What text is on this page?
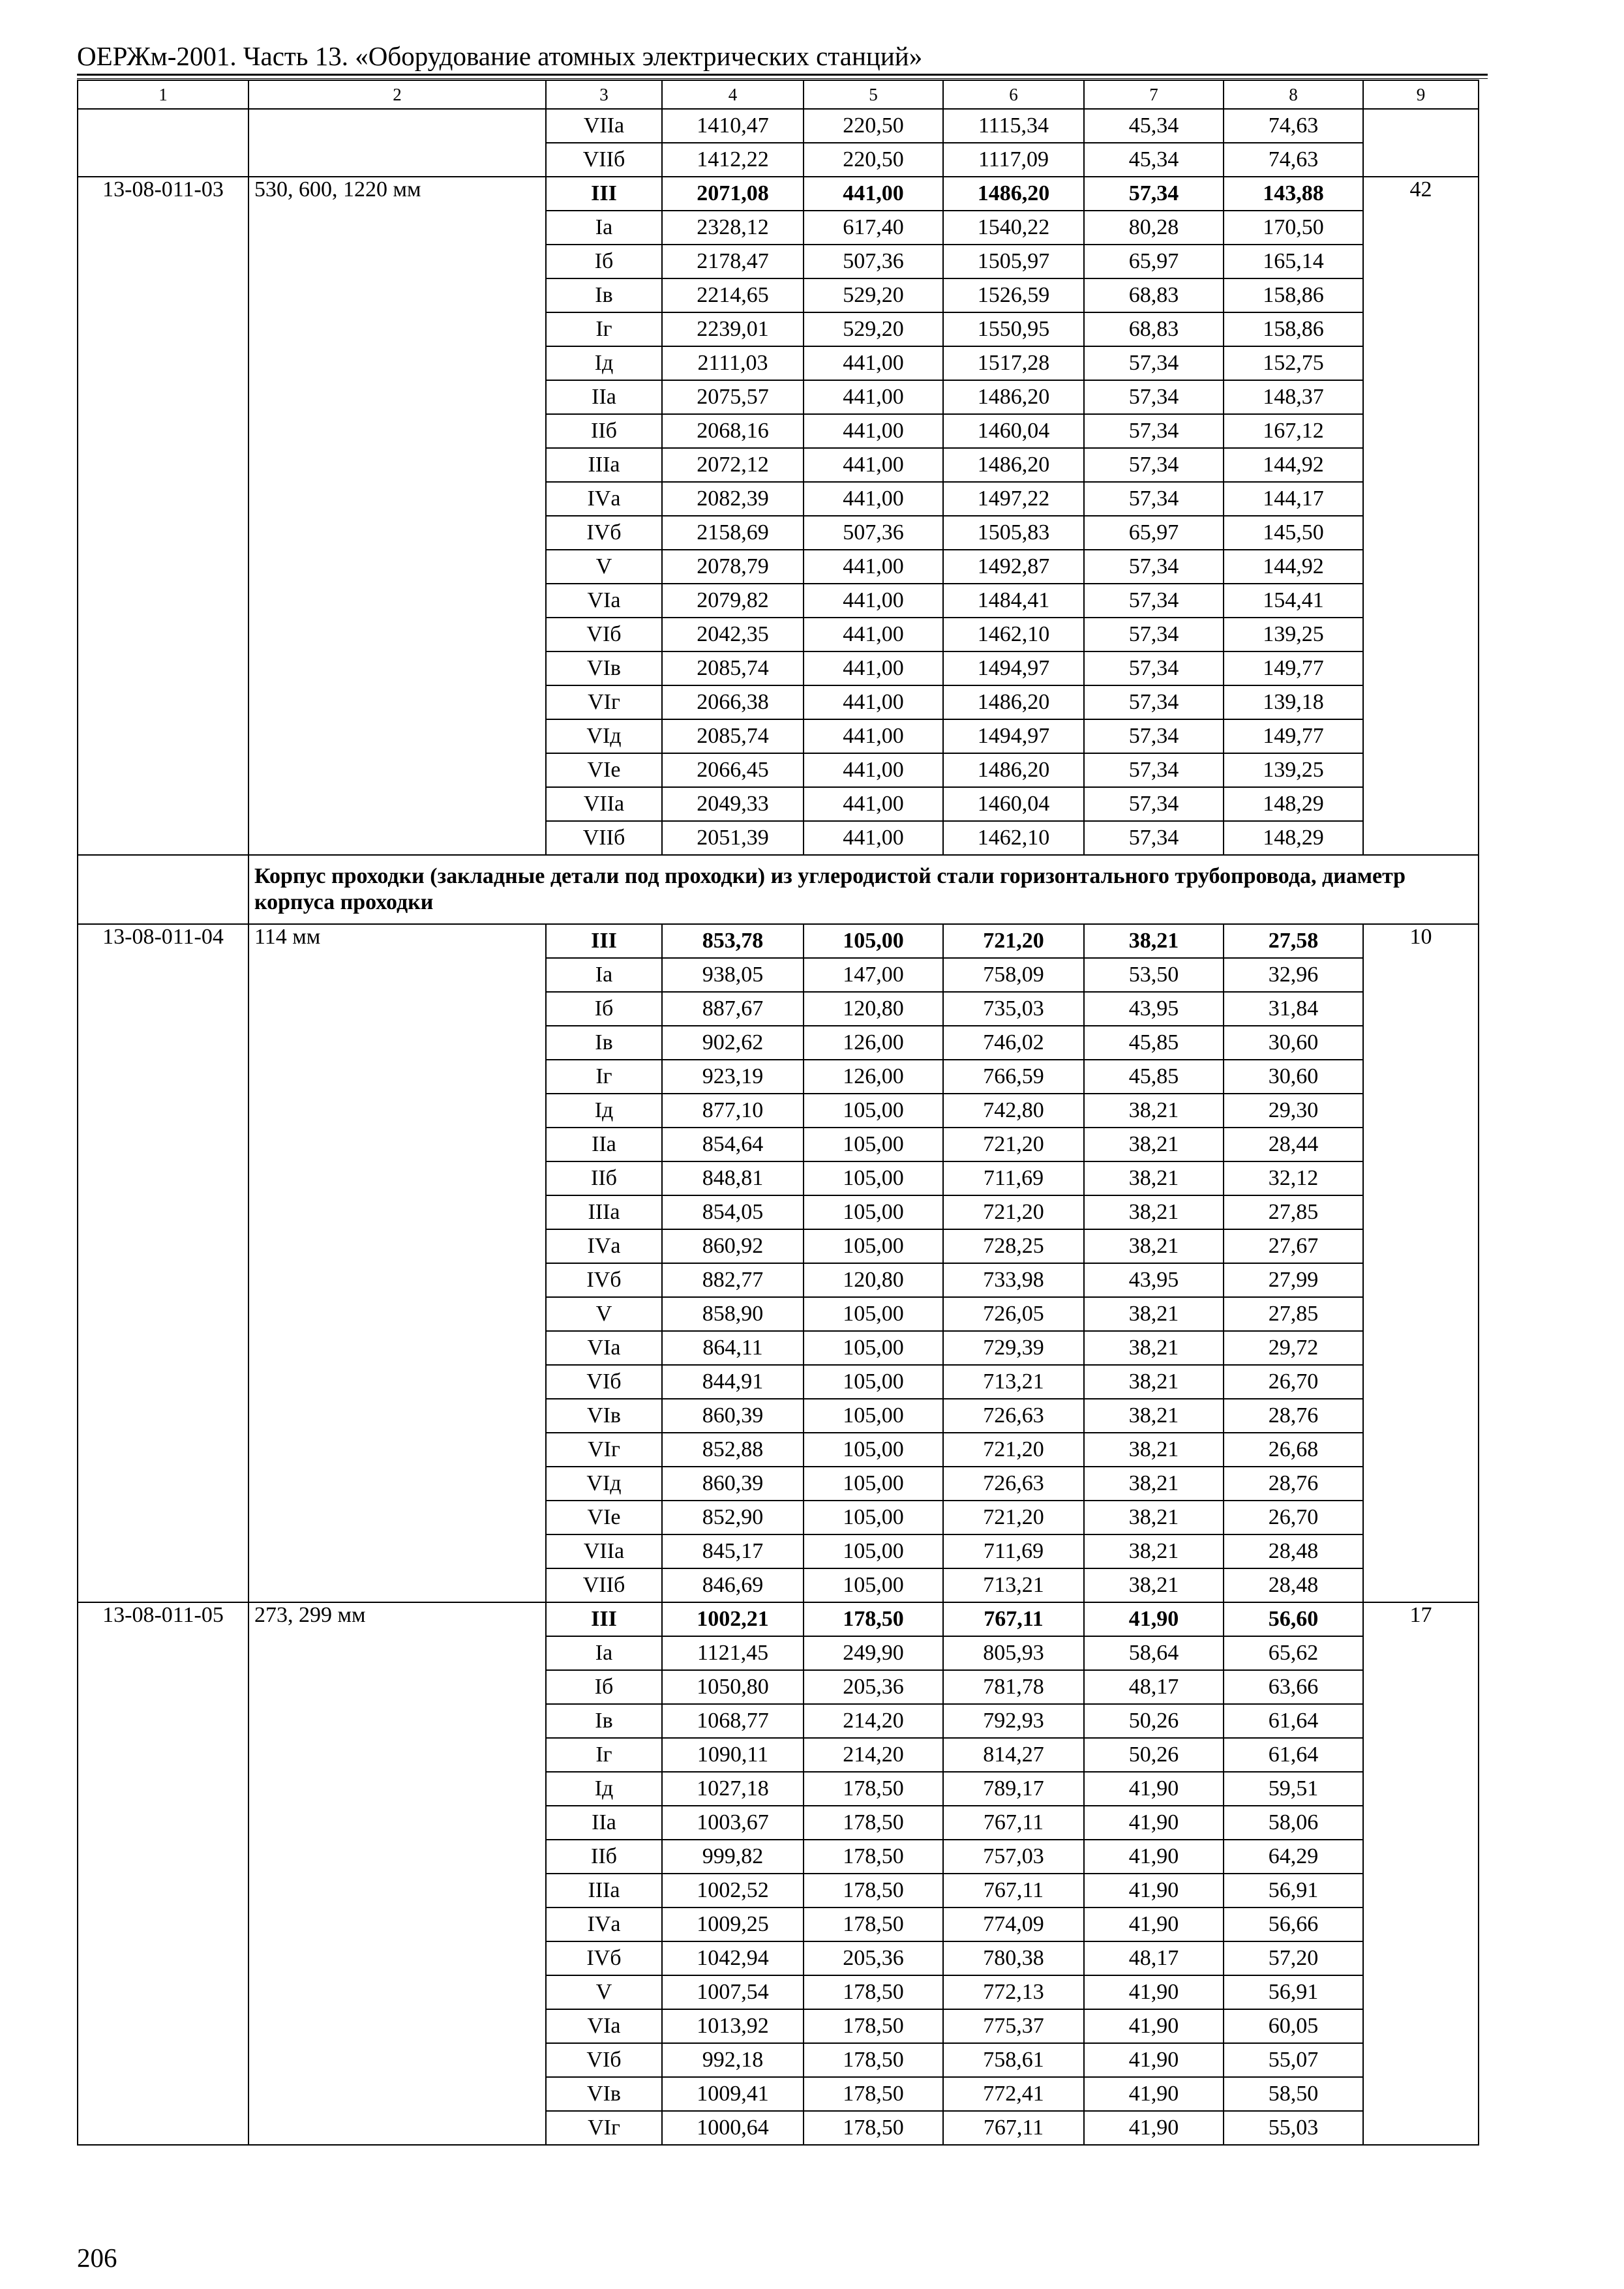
ОЕРЖм-2001. Часть 13. «Оборудование атомных электрических станций»
1	2	3	4	5	6	7	8	9
		VIIа	1410,47	220,50	1115,34	45,34	74,63	
		VIIб	1412,22	220,50	1117,09	45,34	74,63	
13-08-011-03	530, 600, 1220 мм	III	2071,08	441,00	1486,20	57,34	143,88	42
		Iа	2328,12	617,40	1540,22	80,28	170,50	
		Iб	2178,47	507,36	1505,97	65,97	165,14	
		Iв	2214,65	529,20	1526,59	68,83	158,86	
		Iг	2239,01	529,20	1550,95	68,83	158,86	
		Iд	2111,03	441,00	1517,28	57,34	152,75	
		IIа	2075,57	441,00	1486,20	57,34	148,37	
		IIб	2068,16	441,00	1460,04	57,34	167,12	
		IIIа	2072,12	441,00	1486,20	57,34	144,92	
		IVа	2082,39	441,00	1497,22	57,34	144,17	
		IVб	2158,69	507,36	1505,83	65,97	145,50	
		V	2078,79	441,00	1492,87	57,34	144,92	
		VIа	2079,82	441,00	1484,41	57,34	154,41	
		VIб	2042,35	441,00	1462,10	57,34	139,25	
		VIв	2085,74	441,00	1494,97	57,34	149,77	
		VIг	2066,38	441,00	1486,20	57,34	139,18	
		VIд	2085,74	441,00	1494,97	57,34	149,77	
		VIе	2066,45	441,00	1486,20	57,34	139,25	
		VIIа	2049,33	441,00	1460,04	57,34	148,29	
		VIIб	2051,39	441,00	1462,10	57,34	148,29	
	Корпус проходки (закладные детали под проходки) из углеродистой стали горизонтального трубопровода, диаметр корпуса проходки							
13-08-011-04	114 мм	III	853,78	105,00	721,20	38,21	27,58	10
		Iа	938,05	147,00	758,09	53,50	32,96	
		Iб	887,67	120,80	735,03	43,95	31,84	
		Iв	902,62	126,00	746,02	45,85	30,60	
		Iг	923,19	126,00	766,59	45,85	30,60	
		Iд	877,10	105,00	742,80	38,21	29,30	
		IIа	854,64	105,00	721,20	38,21	28,44	
		IIб	848,81	105,00	711,69	38,21	32,12	
		IIIа	854,05	105,00	721,20	38,21	27,85	
		IVа	860,92	105,00	728,25	38,21	27,67	
		IVб	882,77	120,80	733,98	43,95	27,99	
		V	858,90	105,00	726,05	38,21	27,85	
		VIа	864,11	105,00	729,39	38,21	29,72	
		VIб	844,91	105,00	713,21	38,21	26,70	
		VIв	860,39	105,00	726,63	38,21	28,76	
		VIг	852,88	105,00	721,20	38,21	26,68	
		VIд	860,39	105,00	726,63	38,21	28,76	
		VIе	852,90	105,00	721,20	38,21	26,70	
		VIIа	845,17	105,00	711,69	38,21	28,48	
		VIIб	846,69	105,00	713,21	38,21	28,48	
13-08-011-05	273, 299 мм	III	1002,21	178,50	767,11	41,90	56,60	17
		Iа	1121,45	249,90	805,93	58,64	65,62	
		Iб	1050,80	205,36	781,78	48,17	63,66	
		Iв	1068,77	214,20	792,93	50,26	61,64	
		Iг	1090,11	214,20	814,27	50,26	61,64	
		Iд	1027,18	178,50	789,17	41,90	59,51	
		IIа	1003,67	178,50	767,11	41,90	58,06	
		IIб	999,82	178,50	757,03	41,90	64,29	
		IIIа	1002,52	178,50	767,11	41,90	56,91	
		IVа	1009,25	178,50	774,09	41,90	56,66	
		IVб	1042,94	205,36	780,38	48,17	57,20	
		V	1007,54	178,50	772,13	41,90	56,91	
		VIа	1013,92	178,50	775,37	41,90	60,05	
		VIб	992,18	178,50	758,61	41,90	55,07	
		VIв	1009,41	178,50	772,41	41,90	58,50	
		VIг	1000,64	178,50	767,11	41,90	55,03	
206
